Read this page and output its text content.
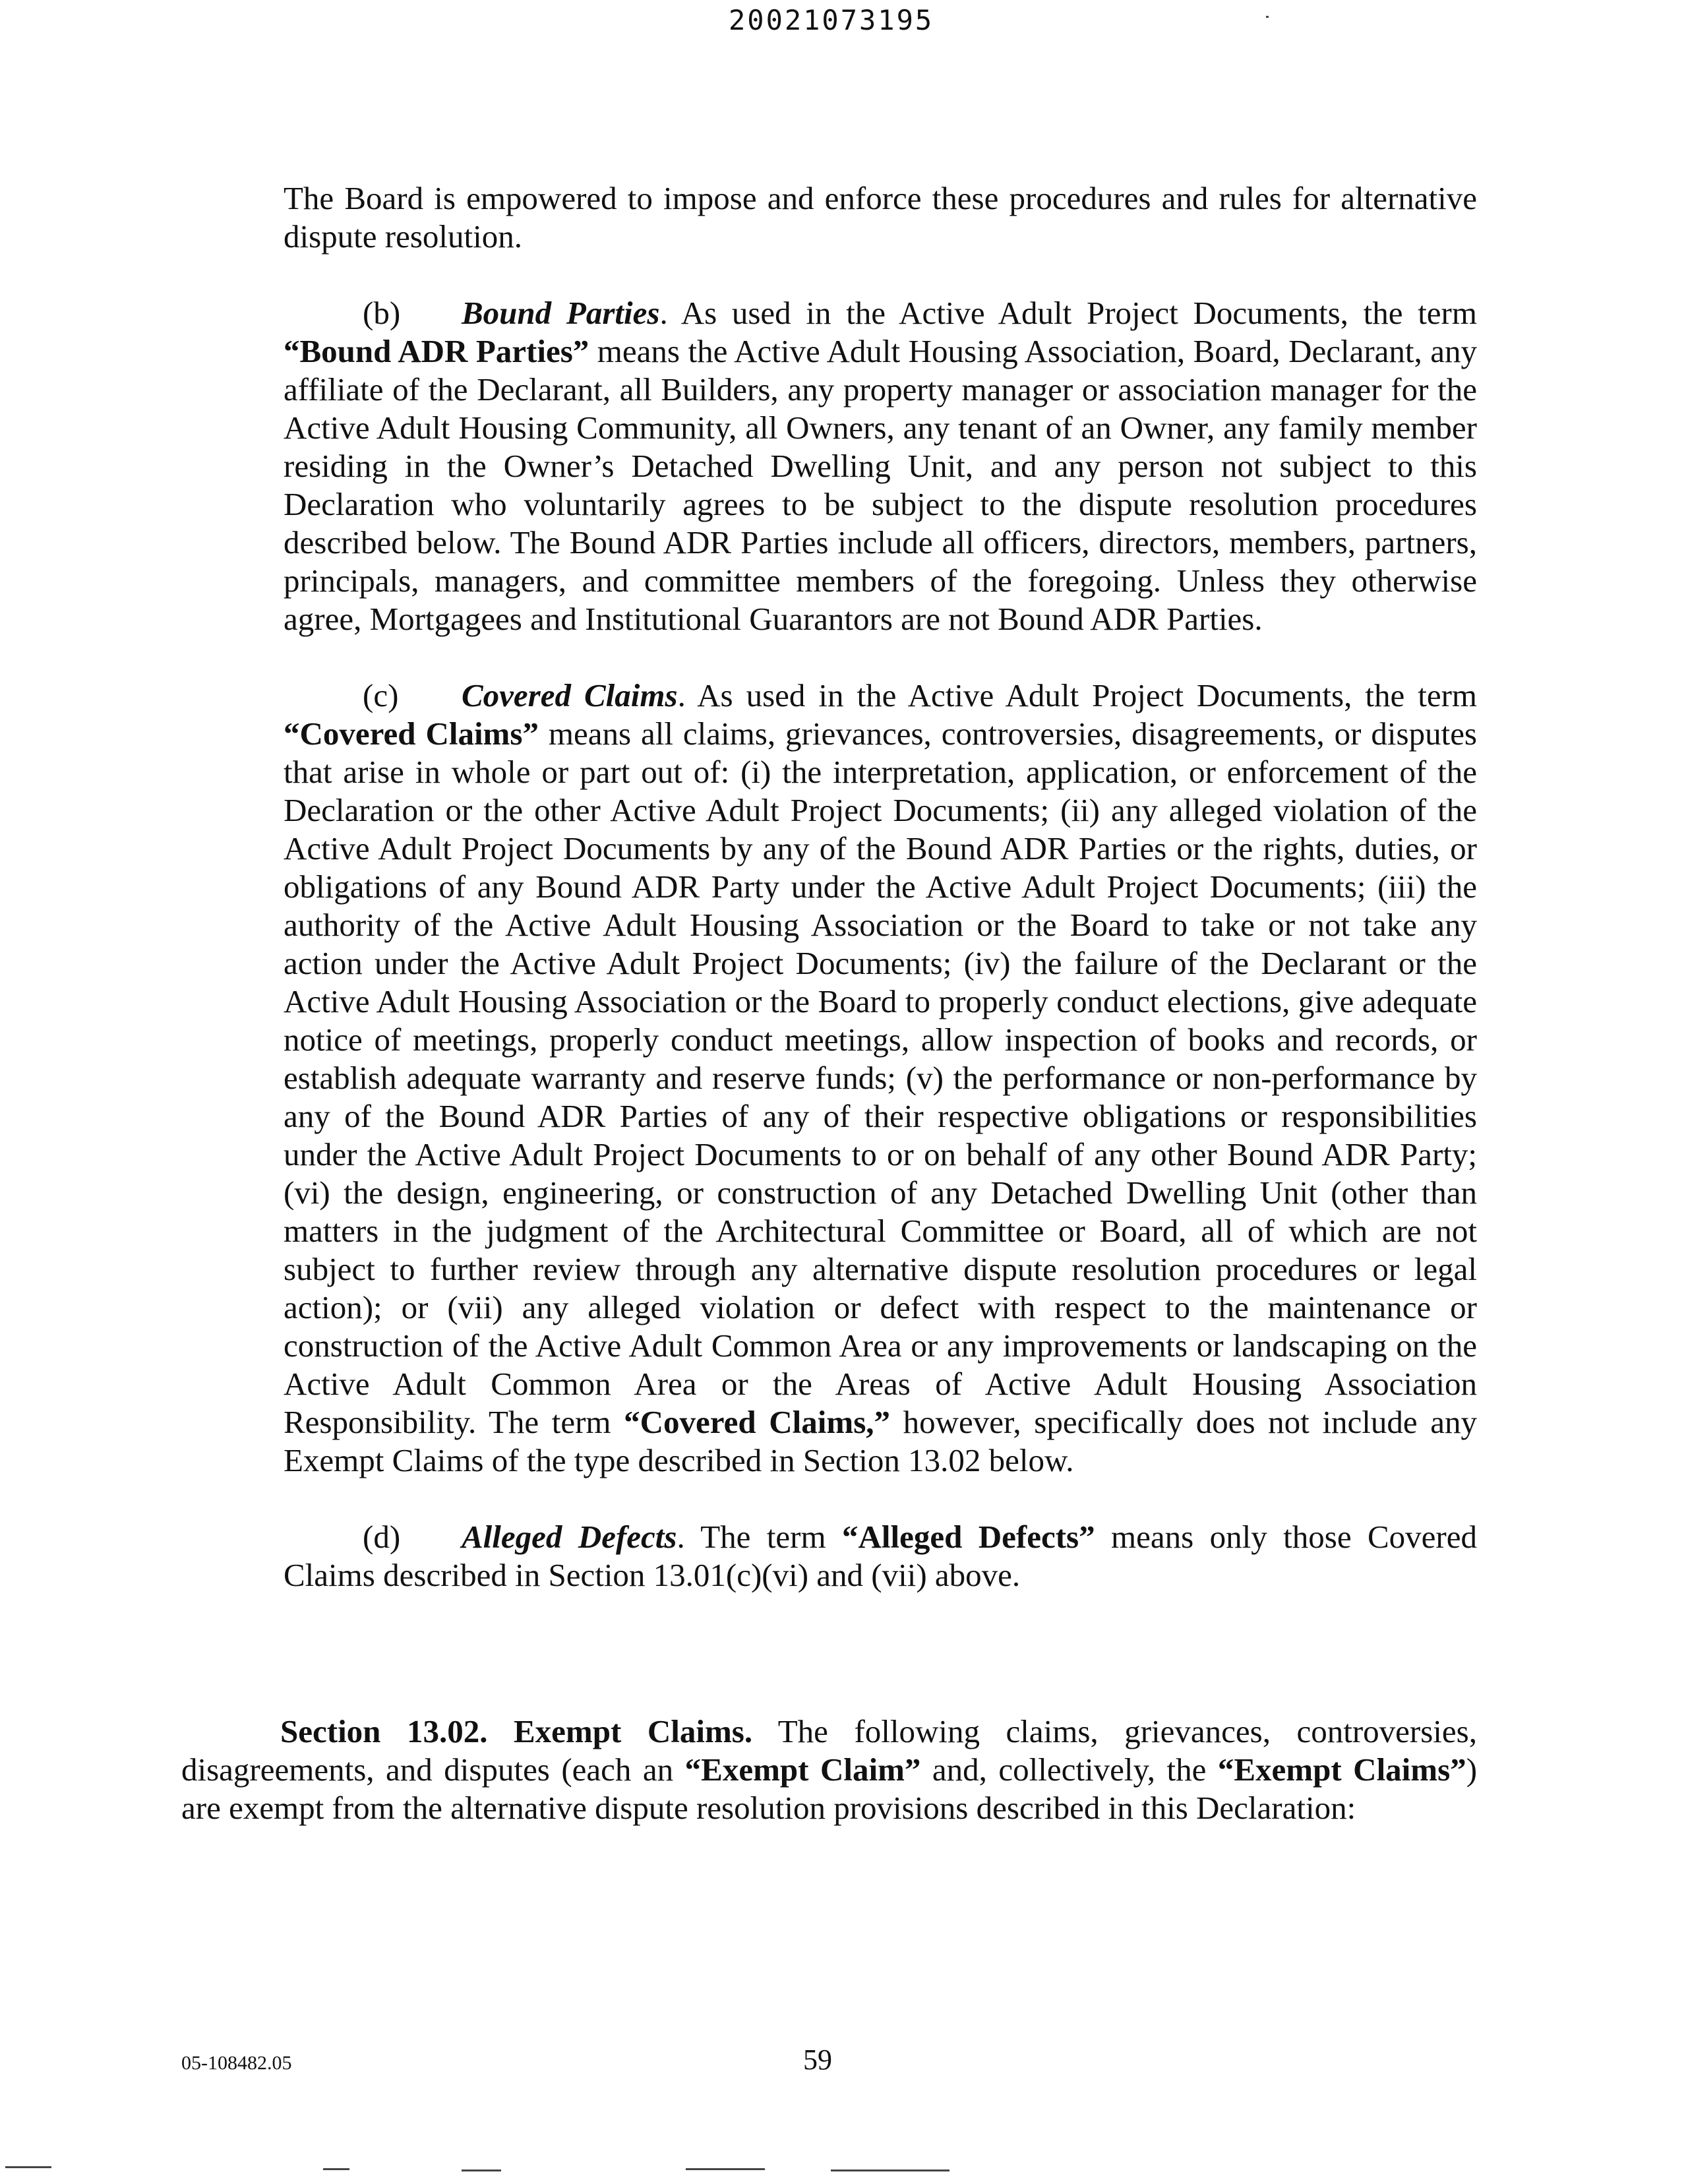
20021073195

The Board is empowered to impose and enforce these procedures and rules for alternative dispute resolution.

(b) Bound Parties. As used in the Active Adult Project Documents, the term “Bound ADR Parties” means the Active Adult Housing Association, Board, Declarant, any affiliate of the Declarant, all Builders, any property manager or association manager for the Active Adult Housing Community, all Owners, any tenant of an Owner, any family member residing in the Owner’s Detached Dwelling Unit, and any person not subject to this Declaration who voluntarily agrees to be subject to the dispute resolution procedures described below. The Bound ADR Parties include all officers, directors, members, partners, principals, managers, and committee members of the foregoing. Unless they otherwise agree, Mortgagees and Institutional Guarantors are not Bound ADR Parties.

(c) Covered Claims. As used in the Active Adult Project Documents, the term “Covered Claims” means all claims, grievances, controversies, disagreements, or disputes that arise in whole or part out of: (i) the interpretation, application, or enforcement of the Declaration or the other Active Adult Project Documents; (ii) any alleged violation of the Active Adult Project Documents by any of the Bound ADR Parties or the rights, duties, or obligations of any Bound ADR Party under the Active Adult Project Documents; (iii) the authority of the Active Adult Housing Association or the Board to take or not take any action under the Active Adult Project Documents; (iv) the failure of the Declarant or the Active Adult Housing Association or the Board to properly conduct elections, give adequate notice of meetings, properly conduct meetings, allow inspection of books and records, or establish adequate warranty and reserve funds; (v) the performance or non-performance by any of the Bound ADR Parties of any of their respective obligations or responsibilities under the Active Adult Project Documents to or on behalf of any other Bound ADR Party; (vi) the design, engineering, or construction of any Detached Dwelling Unit (other than matters in the judgment of the Architectural Committee or Board, all of which are not subject to further review through any alternative dispute resolution procedures or legal action); or (vii) any alleged violation or defect with respect to the maintenance or construction of the Active Adult Common Area or any improvements or landscaping on the Active Adult Common Area or the Areas of Active Adult Housing Association Responsibility. The term “Covered Claims,” however, specifically does not include any Exempt Claims of the type described in Section 13.02 below.

(d) Alleged Defects. The term “Alleged Defects” means only those Covered Claims described in Section 13.01(c)(vi) and (vii) above.

Section 13.02. Exempt Claims. The following claims, grievances, controversies, disagreements, and disputes (each an “Exempt Claim” and, collectively, the “Exempt Claims”) are exempt from the alternative dispute resolution provisions described in this Declaration:

05-108482.05	59
